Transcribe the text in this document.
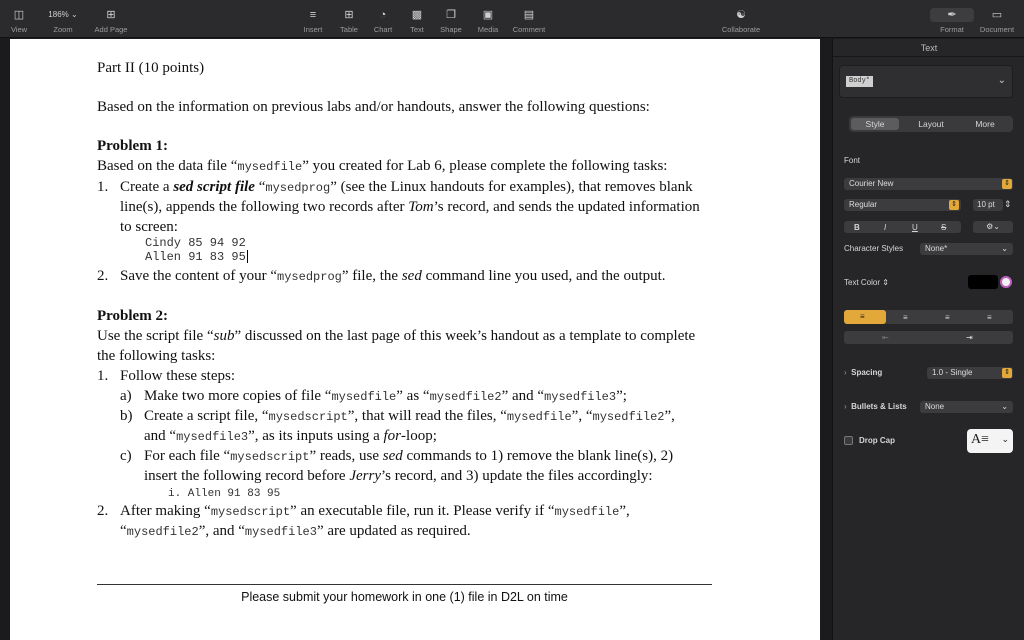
◫
View
186% ⌄
Zoom
⊞
Add Page
≡
Insert
⊞
Table
◔
Chart
▩
Text
❐
Shape
▣
Media
▤
Comment
☯
Collaborate
✒
Format
▭
Document
Part II (10 points)
Based on the information on previous labs and/or handouts, answer the following questions:
Problem 1:
Based on the data file “mysedfile” you created for Lab 6, please complete the following tasks:
1. Create a sed script file “mysedprog” (see the Linux handouts for examples), that removes blank
line(s), appends the following two records after Tom’s record, and sends the updated information
to screen:
Cindy 85 94 92
Allen 91 83 95
2. Save the content of your “mysedprog” file, the sed command line you used, and the output.
Problem 2:
Use the script file “sub” discussed on the last page of this week’s handout as a template to complete
the following tasks:
1. Follow these steps:
a) Make two more copies of file “mysedfile” as “mysedfile2” and “mysedfile3”;
b) Create a script file, “mysedscript”, that will read the files, “mysedfile”, “mysedfile2”,
and “mysedfile3”, as its inputs using a for-loop;
c) For each file “mysedscript” reads, use sed commands to 1) remove the blank line(s), 2)
insert the following record before Jerry’s record, and 3) update the files accordingly:
i. Allen 91 83 95
2. After making “mysedscript” an executable file, run it. Please verify if “mysedfile”,
“mysedfile2”, and “mysedfile3” are updated as required.
Please submit your homework in one (1) file in D2L on time
Text
Body*	⌄
Style	Layout	More
Font
Courier New	⇕
Regular	⇕	10 pt	⇕
B	I	U	S	⚙⌄
Character Styles	None*	⌄
Text Color ⇕
≡	≡	≡	≡
⇤	⇥
› Spacing	1.0 - Single	⇕
› Bullets & Lists	None	⌄
Drop Cap	A≡ ⌄
